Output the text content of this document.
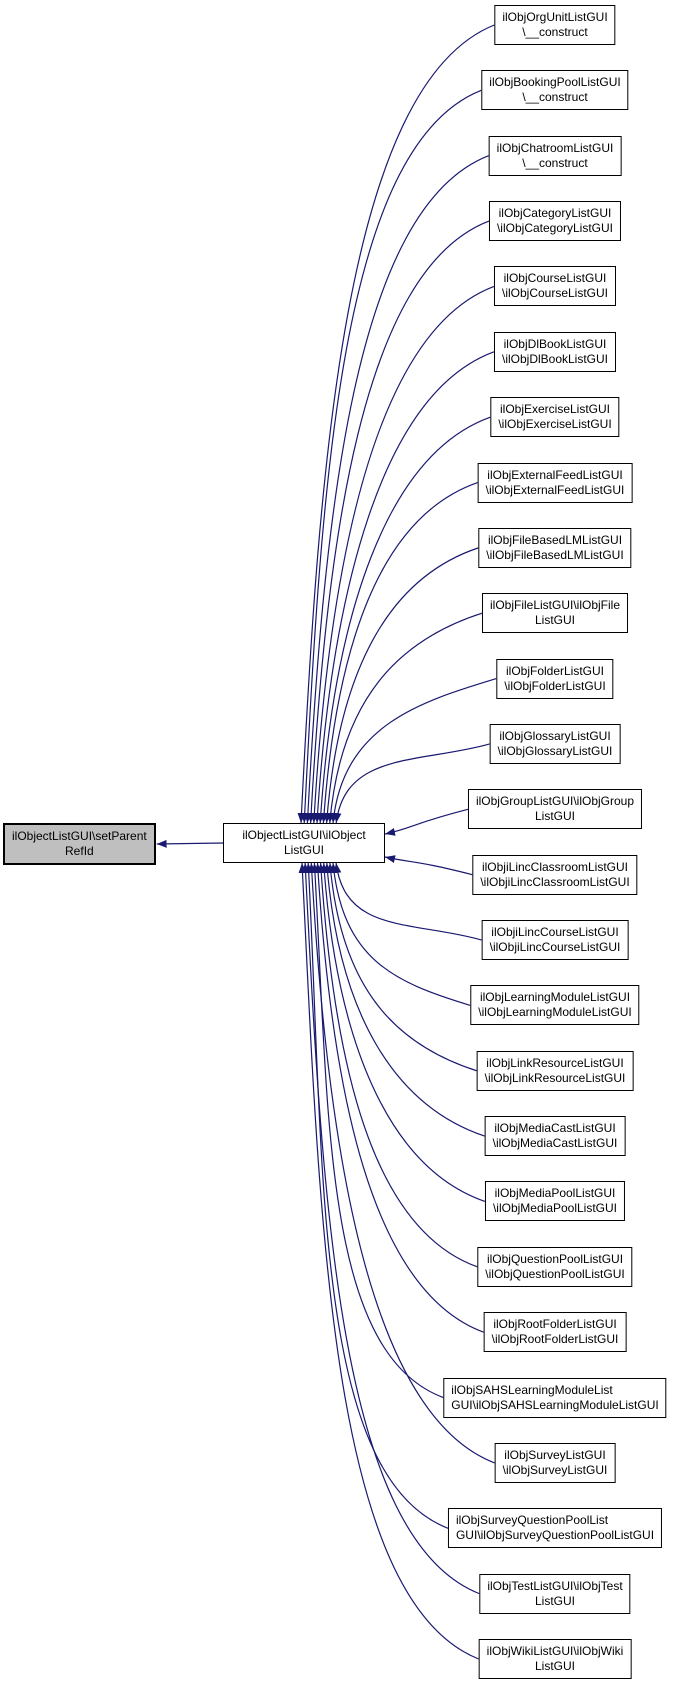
ilObjectListGUI\setParent
RefId
ilObjectListGUI\ilObject
ListGUI
ilObjOrgUnitListGUI
\__construct
ilObjBookingPoolListGUI
\__construct
ilObjChatroomListGUI
\__construct
ilObjCategoryListGUI
\ilObjCategoryListGUI
ilObjCourseListGUI
\ilObjCourseListGUI
ilObjDlBookListGUI
\ilObjDlBookListGUI
ilObjExerciseListGUI
\ilObjExerciseListGUI
ilObjExternalFeedListGUI
\ilObjExternalFeedListGUI
ilObjFileBasedLMListGUI
\ilObjFileBasedLMListGUI
ilObjFileListGUI\ilObjFile
ListGUI
ilObjFolderListGUI
\ilObjFolderListGUI
ilObjGlossaryListGUI
\ilObjGlossaryListGUI
ilObjGroupListGUI\ilObjGroup
ListGUI
ilObjiLincClassroomListGUI
\ilObjiLincClassroomListGUI
ilObjiLincCourseListGUI
\ilObjiLincCourseListGUI
ilObjLearningModuleListGUI
\ilObjLearningModuleListGUI
ilObjLinkResourceListGUI
\ilObjLinkResourceListGUI
ilObjMediaCastListGUI
\ilObjMediaCastListGUI
ilObjMediaPoolListGUI
\ilObjMediaPoolListGUI
ilObjQuestionPoolListGUI
\ilObjQuestionPoolListGUI
ilObjRootFolderListGUI
\ilObjRootFolderListGUI
ilObjSAHSLearningModuleList
GUI\ilObjSAHSLearningModuleListGUI
ilObjSurveyListGUI
\ilObjSurveyListGUI
ilObjSurveyQuestionPoolList
GUI\ilObjSurveyQuestionPoolListGUI
ilObjTestListGUI\ilObjTest
ListGUI
ilObjWikiListGUI\ilObjWiki
ListGUI
